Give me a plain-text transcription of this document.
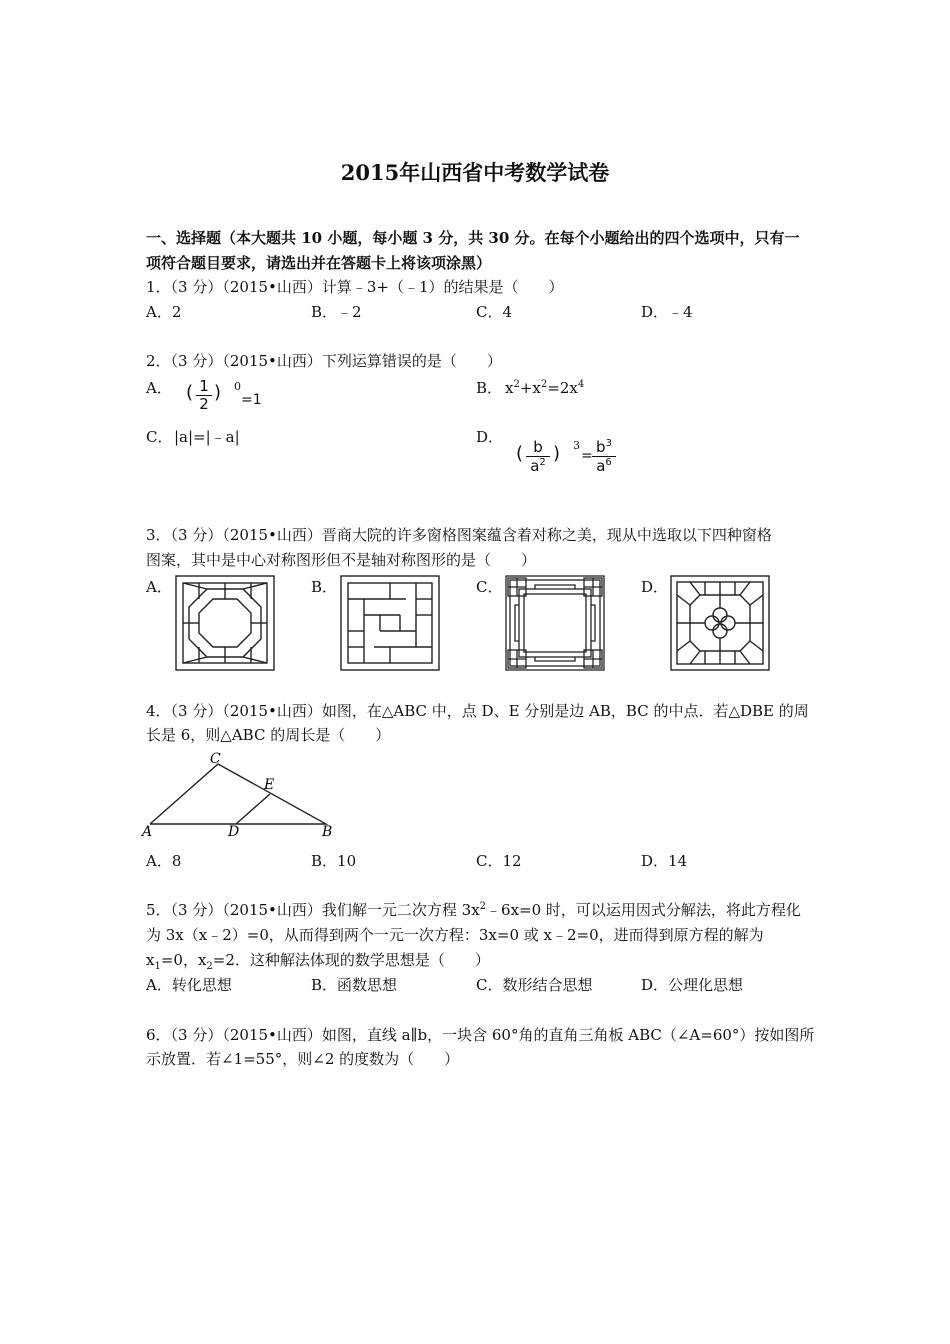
2015年山西省中考数学试卷
一、选择题（本大题共 10 小题，每小题 3 分，共 30 分。在每个小题给出的四个选项中，只有一
项符合题目要求，请选出并在答题卡上将该项涂黑）
1．（3 分）（2015•山西）计算﹣3+（﹣1）的结果是（　　）
A．2	B．﹣2	C．4	D．﹣4
2．（3 分）（2015•山西）下列运算错误的是（　　）
A． ( $\frac{1}{2}$ ) 0
=1
B． $x^2+x^2=2x^4$
C． |a|=|﹣a|	D．
( $\frac{b}{a^2}$ ) 3
= $\frac{b^3}{a^6}$
3．（3 分）（2015•山西）晋商大院的许多窗格图案蕴含着对称之美，现从中选取以下四种窗格
图案，其中是中心对称图形但不是轴对称图形的是（　　）
A．	B．	C．	D．
4．（3 分）（2015•山西）如图，在△ABC 中，点 D、E 分别是边 AB，BC 的中点．若△DBE 的周
长是 6，则△ABC 的周长是（　　）
C
E
A	D	B
A．8	B．10	C．12	D．14
5．（3 分）（2015•山西）我们解一元二次方程 $3x^2﹣6x=0$ 时，可以运用因式分解法，将此方程化
为 3x（x﹣2）=0，从而得到两个一元一次方程：3x=0 或 x﹣2=0，进而得到原方程的解为
$x_1=0$，$x_2=2$．这种解法体现的数学思想是（　　）
A．转化思想	B．函数思想	C．数形结合思想	D．公理化思想
6．（3 分）（2015•山西）如图，直线 a∥b，一块含 60°角的直角三角板 ABC（∠A=60°）按如图所
示放置．若∠1=55°，则∠2 的度数为（　　）
